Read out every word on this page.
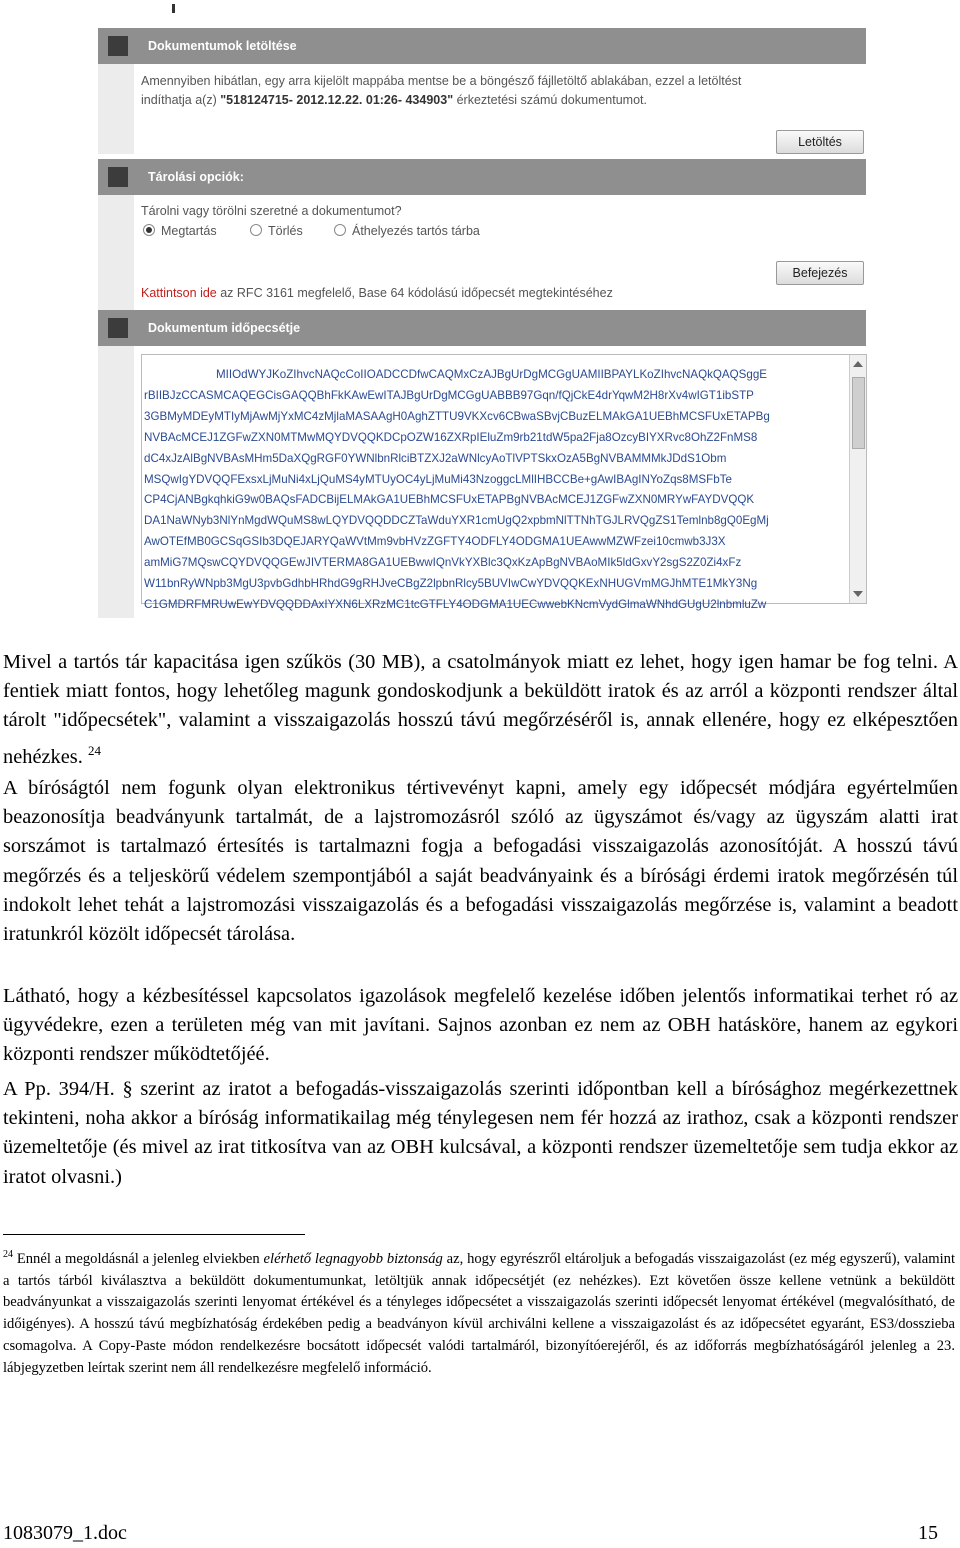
Dokumentumok letöltése
Amennyiben hibátlan, egy arra kijelölt mappába mentse be a böngésző fájlletöltő ablakában, ezzel a letöltést
indíthatja a(z) "518124715- 2012.12.22. 01:26- 434903" érkeztetési számú dokumentumot.
Letöltés
Tárolási opciók:
Tárolni vagy törölni szeretné a dokumentumot?
Megtartás	Törlés	Áthelyezés tartós tárba
Befejezés
Kattintson ide az RFC 3161 megfelelő, Base 64 kódolású időpecsét megtekintéséhez
Dokumentum időpecsétje
MIIOdWYJKoZIhvcNAQcCoIIOADCCDfwCAQMxCzAJBgUrDgMCGgUAMIIBPAYLKoZIhvcNAQkQAQSggE
rBIIBJzCCASMCAQEGCisGAQQBhFkKAwEwITAJBgUrDgMCGgUABBB97Gqn/fQjCkE4drYqwM2H8rXv4wIGT1ibSTP
3GBMyMDEyMTIyMjAwMjYxMC4zMjlaMASAAgH0AghZTTU9VKXcv6CBwaSBvjCBuzELMAkGA1UEBhMCSFUxETAPBg
NVBAcMCEJ1ZGFwZXN0MTMwMQYDVQQKDCpOZW16ZXRpIEluZm9rb21tdW5pa2Fja8OzcyBIYXRvc8OhZ2FnMS8
dC4xJzAlBgNVBAsMHm5DaXQgRGF0YWNlbnRlciBTZXJ2aWNlcyAoTlVPTSkxOzA5BgNVBAMMMkJDdS1Obm
MSQwIgYDVQQFExsxLjMuNi4xLjQuMS4yMTUyOC4yLjMuMi43NzoggcLMlIHBCCBe+gAwIBAgINYoZqs8MSFbTe
CP4CjANBgkqhkiG9w0BAQsFADCBijELMAkGA1UEBhMCSFUxETAPBgNVBAcMCEJ1ZGFwZXN0MRYwFAYDVQQK
DA1NaWNyb3NlYnMgdWQuMS8wLQYDVQQDDCZTaWduYXR1cmUgQ2xpbmNlTTNhTGJLRVQgZS1Temlnb8gQ0EgMj
AwOTEfMB0GCSqGSIb3DQEJARYQaWVtMm9vbHVzZGFTY4ODFLY4ODGMA1UEAwwMZWFzei10cmwb3J3X
amMiG7MQswCQYDVQQGEwJIVTERMA8GA1UEBwwIQnVkYXBlc3QxKzApBgNVBAoMIk5ldGxvY2sgS2Z0Zi4xFz
W11bnRyWNpb3MgU3pvbGdhbHRhdG9gRHJveCBgZ2lpbnRlcy5BUVIwCwYDVQQKExNHUGVmMGJhMTE1MkY3Ng
C1GMDRFMRUwEwYDVQQDDAxIYXN6LXRzMC1tcGTFLY4ODGMA1UECwwebKNcmVydGlmaWNhdGUgU2lnbmluZw
Mivel a tartós tár kapacitása igen szűkös (30 MB), a csatolmányok miatt ez lehet, hogy igen hamar be fog telni. A fentiek miatt fontos, hogy lehetőleg magunk gondoskodjunk a beküldött iratok és az arról a központi rendszer által tárolt "időpecsétek", valamint a visszaigazolás hosszú távú megőrzéséről is, annak ellenére, hogy ez elképesztően nehézkes. $^{24}$
A bíróságtól nem fogunk olyan elektronikus tértivevényt kapni, amely egy időpecsét módjára egyértelműen beazonosítja beadványunk tartalmát, de a lajstromozásról szóló az ügyszámot és/vagy az ügyszám alatti irat sorszámot is tartalmazó értesítés is tartalmazni fogja a befogadási visszaigazolás azonosítóját. A hosszú távú megőrzés és a teljeskörű védelem szempontjából a saját beadványaink és a bírósági érdemi iratok megőrzésén túl indokolt lehet tehát a lajstromozási visszaigazolás és a befogadási visszaigazolás megőrzése is, valamint a beadott iratunkról közölt időpecsét tárolása.
Látható, hogy a kézbesítéssel kapcsolatos igazolások megfelelő kezelése időben jelentős informatikai terhet ró az ügyvédekre, ezen a területen még van mit javítani. Sajnos azonban ez nem az OBH hatásköre, hanem az egykori központi rendszer működtetőjéé.
A Pp. 394/H. § szerint az iratot a befogadás-visszaigazolás szerinti időpontban kell a bírósághoz megérkezettnek tekinteni, noha akkor a bíróság informatikailag még ténylegesen nem fér hozzá az irathoz, csak a központi rendszer üzemeltetője (és mivel az irat titkosítva van az OBH kulcsával, a központi rendszer üzemeltetője sem tudja ekkor az iratot olvasni.)
$^{24}$ Ennél a megoldásnál a jelenleg elviekben elérhető legnagyobb biztonság az, hogy egyrészről eltároljuk a befogadás visszaigazolást (ez még egyszerű), valamint a tartós tárból kiválasztva a beküldött dokumentumunkat, letöltjük annak időpecsétjét (ez nehézkes). Ezt követően össze kellene vetnünk a beküldött beadványunkat a visszaigazolás szerinti lenyomat értékével és a tényleges időpecsétet a visszaigazolás szerinti időpecsét lenyomat értékével (megvalósítható, de időigényes). A hosszú távú megbízhatóság érdekében pedig a beadványon kívül archiválni kellene a visszaigazolást és az időpecsétet egyaránt, ES3/dosszieba csomagolva. A Copy-Paste módon rendelkezésre bocsátott időpecsét valódi tartalmáról, bizonyítóerejéről, és az időforrás megbízhatóságáról jelenleg a 23. lábjegyzetben leírtak szerint nem áll rendelkezésre megfelelő információ.
1083079_1.doc	15
